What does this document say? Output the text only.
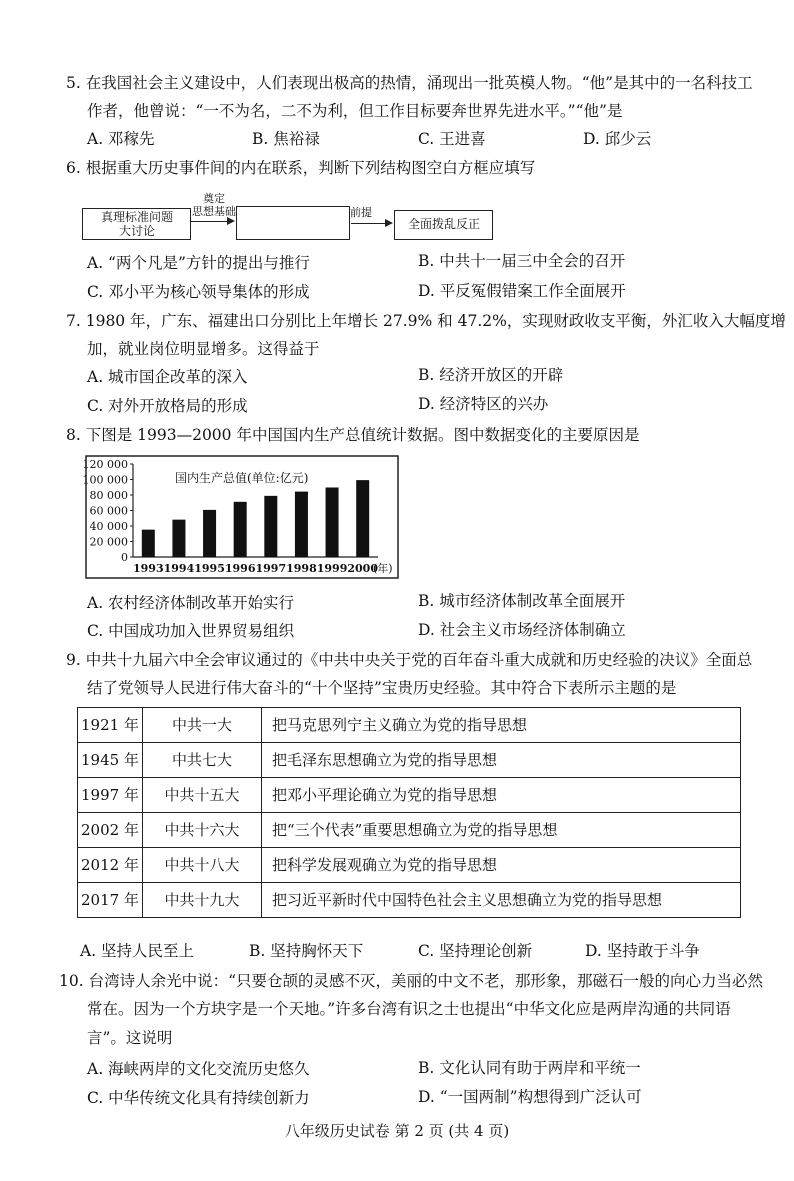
5. 在我国社会主义建设中，人们表现出极高的热情，涌现出一批英模人物。“他”是其中的一名科技工
作者，他曾说：“一不为名，二不为利，但工作目标要奔世界先进水平。”“他”是
A. 邓稼先	B. 焦裕禄	C. 王进喜	D. 邱少云
6. 根据重大历史事件间的内在联系，判断下列结构图空白方框应填写
真理标准问题
大讨论
奠定
思想基础	前提
全面拨乱反正
A. “两个凡是”方针的提出与推行	B. 中共十一届三中全会的召开
C. 邓小平为核心领导集体的形成	D. 平反冤假错案工作全面展开
7. 1980 年，广东、福建出口分别比上年增长 27.9% 和 47.2%，实现财政收支平衡，外汇收入大幅度增
加，就业岗位明显增多。这得益于
A. 城市国企改革的深入	B. 经济开放区的开辟
C. 对外开放格局的形成	D. 经济特区的兴办
8. 下图是 1993—2000 年中国国内生产总值统计数据。图中数据变化的主要原因是
国内生产总值(单位:亿元)
120 000
100 000
80 000
60 000
40 000
20 000
0
1993 1994 1995 1996 1997 1998 1999 2000
(年)
A. 农村经济体制改革开始实行	B. 城市经济体制改革全面展开
C. 中国成功加入世界贸易组织	D. 社会主义市场经济体制确立
9. 中共十九届六中全会审议通过的《中共中央关于党的百年奋斗重大成就和历史经验的决议》全面总
结了党领导人民进行伟大奋斗的“十个坚持”宝贵历史经验。其中符合下表所示主题的是
1921 年	中共一大	把马克思列宁主义确立为党的指导思想
1945 年	中共七大	把毛泽东思想确立为党的指导思想
1997 年	中共十五大	把邓小平理论确立为党的指导思想
2002 年	中共十六大	把“三个代表”重要思想确立为党的指导思想
2012 年	中共十八大	把科学发展观确立为党的指导思想
2017 年	中共十九大	把习近平新时代中国特色社会主义思想确立为党的指导思想
A. 坚持人民至上	B. 坚持胸怀天下	C. 坚持理论创新	D. 坚持敢于斗争
10. 台湾诗人余光中说：“只要仓颉的灵感不灭，美丽的中文不老，那形象，那磁石一般的向心力当必然
常在。因为一个方块字是一个天地。”许多台湾有识之士也提出“中华文化应是两岸沟通的共同语
言”。这说明
A. 海峡两岸的文化交流历史悠久	B. 文化认同有助于两岸和平统一
C. 中华传统文化具有持续创新力	D. “一国两制”构想得到广泛认可
八年级历史试卷 第 2 页 (共 4 页)
